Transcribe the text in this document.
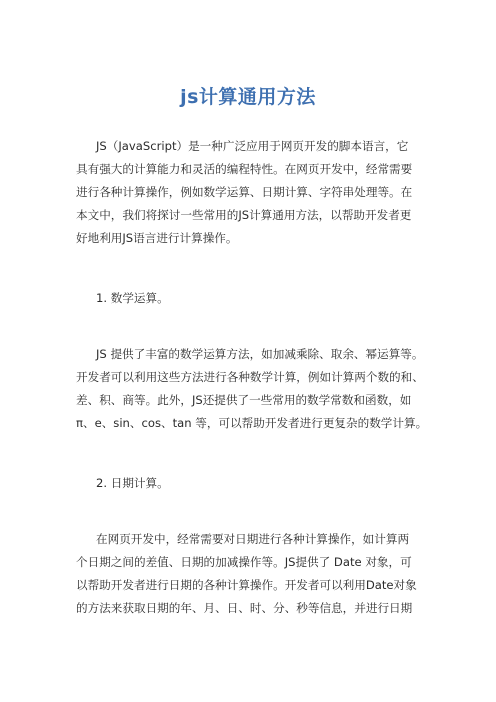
js计算通用方法
JS（JavaScript）是一种广泛应用于网页开发的脚本语言，它
具有强大的计算能力和灵活的编程特性。在网页开发中，经常需要
进行各种计算操作，例如数学运算、日期计算、字符串处理等。在
本文中，我们将探讨一些常用的JS计算通用方法，以帮助开发者更
好地利用JS语言进行计算操作。
1. 数学运算。
JS 提供了丰富的数学运算方法，如加减乘除、取余、幂运算等。
开发者可以利用这些方法进行各种数学计算，例如计算两个数的和、
差、积、商等。此外，JS还提供了一些常用的数学常数和函数，如
π、e、sin、cos、tan 等，可以帮助开发者进行更复杂的数学计算。
2. 日期计算。
在网页开发中，经常需要对日期进行各种计算操作，如计算两
个日期之间的差值、日期的加减操作等。JS提供了 Date 对象，可
以帮助开发者进行日期的各种计算操作。开发者可以利用Date对象
的方法来获取日期的年、月、日、时、分、秒等信息，并进行日期
